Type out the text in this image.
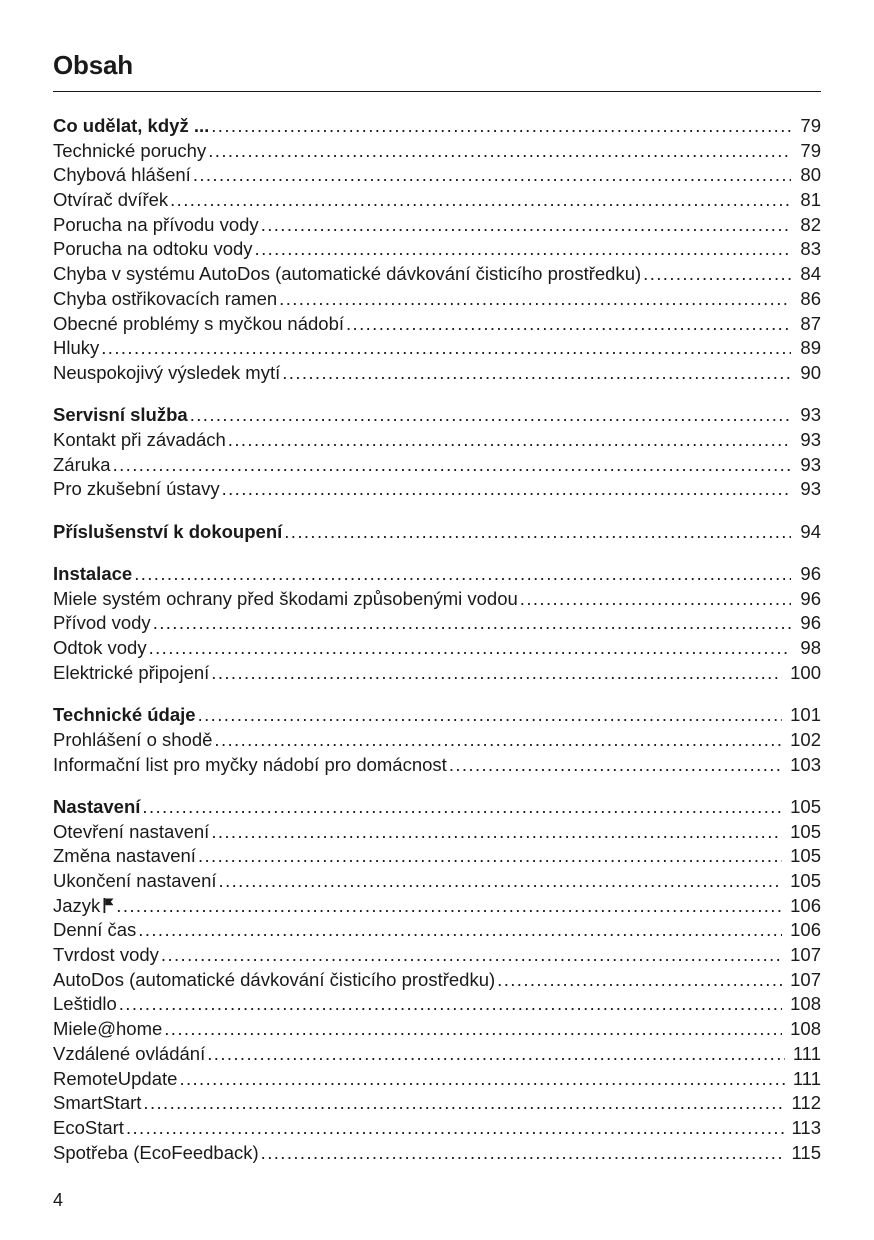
Obsah
Co udělat, když ... .....	79
Technické poruchy .....	79
Chybová hlášení .....	80
Otvírač dvířek .....	81
Porucha na přívodu vody .....	82
Porucha na odtoku vody .....	83
Chyba v systému AutoDos (automatické dávkování čisticího prostředku) .....	84
Chyba ostřikovacích ramen .....	86
Obecné problémy s myčkou nádobí .....	87
Hluky .....	89
Neuspokojivý výsledek mytí .....	90
Servisní služba .....	93
Kontakt při závadách .....	93
Záruka .....	93
Pro zkušební ústavy .....	93
Příslušenství k dokoupení .....	94
Instalace .....	96
Miele systém ochrany před škodami způsobenými vodou .....	96
Přívod vody .....	96
Odtok vody .....	98
Elektrické připojení .....	100
Technické údaje .....	101
Prohlášení o shodě .....	102
Informační list pro myčky nádobí pro domácnost .....	103
Nastavení .....	105
Otevření nastavení .....	105
Změna nastavení .....	105
Ukončení nastavení .....	105
Jazyk .....	106
Denní čas .....	106
Tvrdost vody .....	107
AutoDos (automatické dávkování čisticího prostředku) .....	107
Leštidlo .....	108
Miele@home .....	108
Vzdálené ovládání .....	111
RemoteUpdate .....	111
SmartStart .....	112
EcoStart .....	113
Spotřeba (EcoFeedback) .....	115
4
